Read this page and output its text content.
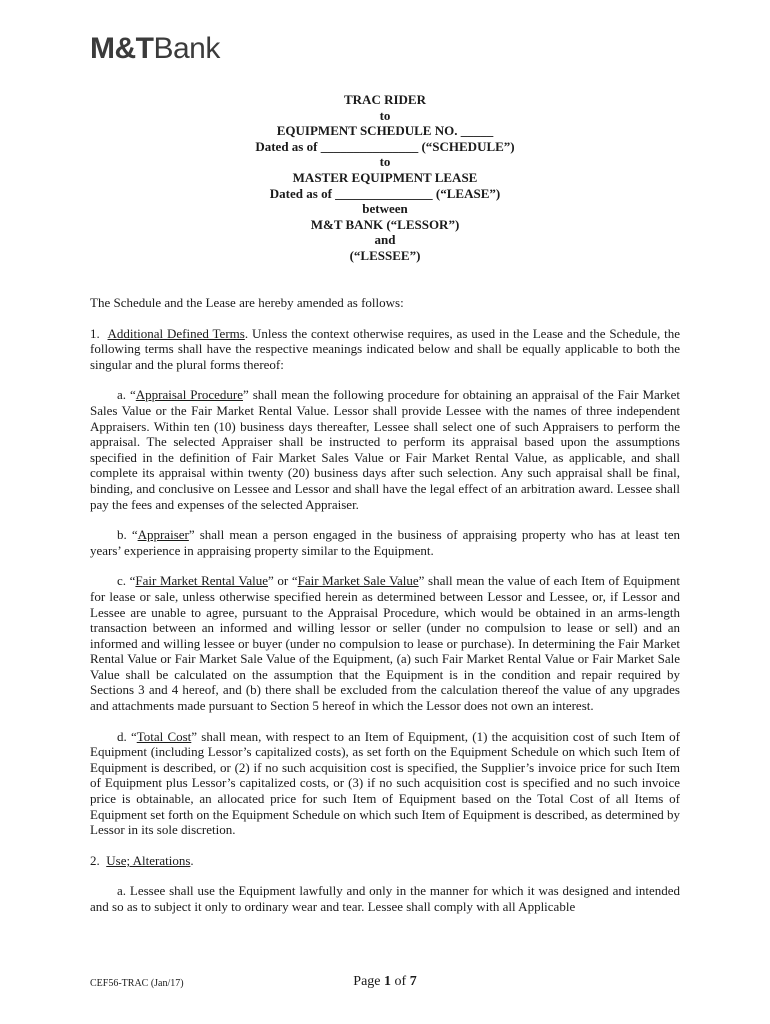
M&TBank
TRAC RIDER
to
EQUIPMENT SCHEDULE NO. _____
Dated as of _______________ (“SCHEDULE”)
to
MASTER EQUIPMENT LEASE
Dated as of _______________ (“LEASE”)
between
M&T BANK (“LESSOR”)
and
(“LESSEE”)

The Schedule and the Lease are hereby amended as follows:

1. Additional Defined Terms. Unless the context otherwise requires, as used in the Lease and the Schedule, the following terms shall have the respective meanings indicated below and shall be equally applicable to both the singular and the plural forms thereof:

a. “Appraisal Procedure” shall mean the following procedure for obtaining an appraisal of the Fair Market Sales Value or the Fair Market Rental Value. Lessor shall provide Lessee with the names of three independent Appraisers. Within ten (10) business days thereafter, Lessee shall select one of such Appraisers to perform the appraisal. The selected Appraiser shall be instructed to perform its appraisal based upon the assumptions specified in the definition of Fair Market Sales Value or Fair Market Rental Value, as applicable, and shall complete its appraisal within twenty (20) business days after such selection. Any such appraisal shall be final, binding, and conclusive on Lessee and Lessor and shall have the legal effect of an arbitration award. Lessee shall pay the fees and expenses of the selected Appraiser.

b. “Appraiser” shall mean a person engaged in the business of appraising property who has at least ten years’ experience in appraising property similar to the Equipment.

c. “Fair Market Rental Value” or “Fair Market Sale Value” shall mean the value of each Item of Equipment for lease or sale, unless otherwise specified herein as determined between Lessor and Lessee, or, if Lessor and Lessee are unable to agree, pursuant to the Appraisal Procedure, which would be obtained in an arms-length transaction between an informed and willing lessor or seller (under no compulsion to lease or sell) and an informed and willing lessee or buyer (under no compulsion to lease or purchase). In determining the Fair Market Rental Value or Fair Market Sale Value of the Equipment, (a) such Fair Market Rental Value or Fair Market Sale Value shall be calculated on the assumption that the Equipment is in the condition and repair required by Sections 3 and 4 hereof, and (b) there shall be excluded from the calculation thereof the value of any upgrades and attachments made pursuant to Section 5 hereof in which the Lessor does not own an interest.

d. “Total Cost” shall mean, with respect to an Item of Equipment, (1) the acquisition cost of such Item of Equipment (including Lessor’s capitalized costs), as set forth on the Equipment Schedule on which such Item of Equipment is described, or (2) if no such acquisition cost is specified, the Supplier’s invoice price for such Item of Equipment plus Lessor’s capitalized costs, or (3) if no such acquisition cost is specified and no such invoice price is obtainable, an allocated price for such Item of Equipment based on the Total Cost of all Items of Equipment set forth on the Equipment Schedule on which such Item of Equipment is described, as determined by Lessor in its sole discretion.

2. Use; Alterations.

a. Lessee shall use the Equipment lawfully and only in the manner for which it was designed and intended and so as to subject it only to ordinary wear and tear. Lessee shall comply with all Applicable

CEF56-TRAC (Jan/17)	Page 1 of 7
